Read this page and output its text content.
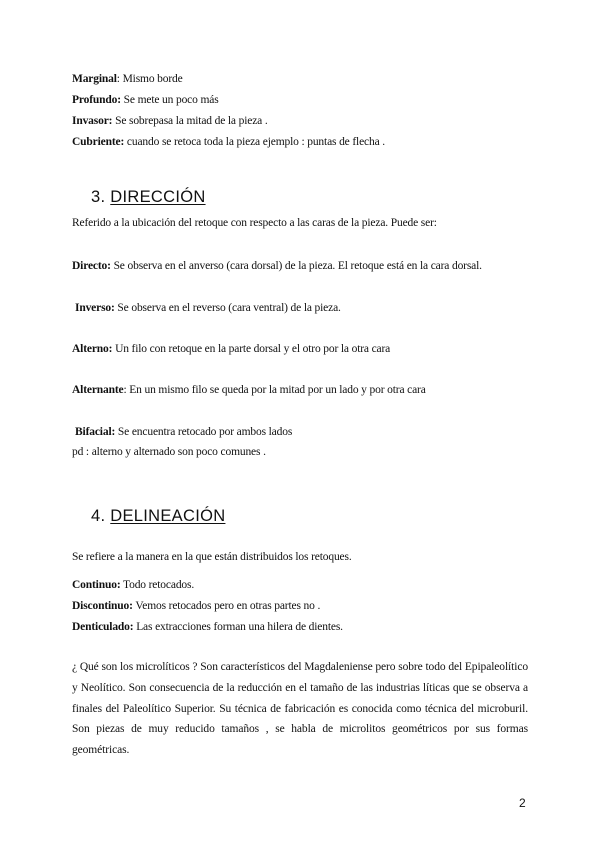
Marginal: Mismo borde
Profundo: Se mete un poco más
Invasor: Se sobrepasa la mitad de la pieza .
Cubriente: cuando se retoca toda la pieza ejemplo : puntas de flecha .
3. DIRECCIÓN
Referido a la ubicación del retoque con respecto a las caras de la pieza. Puede ser:
Directo: Se observa en el anverso (cara dorsal) de la pieza. El retoque está en la cara dorsal.
Inverso: Se observa en el reverso (cara ventral) de la pieza.
Alterno: Un filo con retoque en la parte dorsal y el otro por la otra cara
Alternante: En un mismo filo se queda por la mitad por un lado y por otra cara
Bifacial: Se encuentra retocado por ambos lados
pd : alterno y alternado son poco comunes .
4. DELINEACIÓN
Se refiere a la manera en la que están distribuidos los retoques.
Continuo: Todo retocados.
Discontinuo: Vemos retocados pero en otras partes no .
Denticulado: Las extracciones forman una hilera de dientes.
¿ Qué son los microlíticos ? Son característicos del Magdaleniense pero sobre todo del Epipaleolítico y Neolítico. Son consecuencia de la reducción en el tamaño de las industrias líticas que se observa a finales del Paleolítico Superior. Su técnica de fabricación es conocida como técnica del microburil. Son piezas de muy reducido tamaños , se habla de microlitos geométricos por sus formas geométricas.
2
